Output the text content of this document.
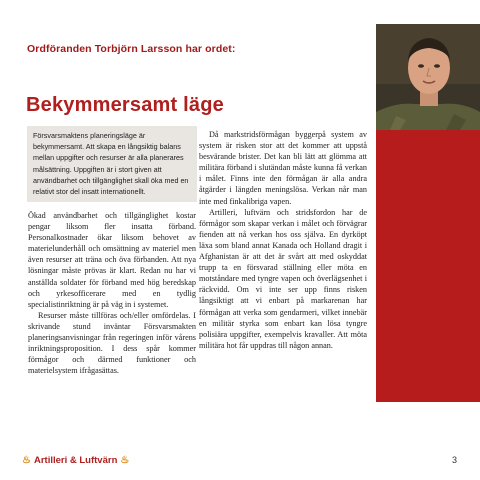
Ordföranden Torbjörn Larsson har ordet:
Bekymmersamt läge
Försvarsmaktens planeringsläge är bekymmersamt. Att skapa en långsiktig balans mellan uppgifter och resurser är alla planerares målsättning. Uppgiften är i stort given att användbarhet och tillgänglighet skall öka med en relativt stor del insatt internationellt.

Ökad användbarhet och tillgänglighet kostar pengar liksom fler insatta förband. Personalkostnader ökar liksom behovet av materielunderhåll och omsättning av materiel men även resurser att träna och öva förbanden. Att nya lösningar måste prövas är klart. Redan nu har vi anställda soldater för förband med hög beredskap och yrkesofficerare med en tydlig specialistinriktning är på väg in i systemet.

Resurser måste tillföras och/eller omfördelas. I skrivande stund inväntar Försvarsmakten planeringsanvisningar från regeringen inför vårens inriktningsproposition. I dess spår kommer förmågor och därmed funktioner och materielsystem ifrågasättas.

Då markstridsförmågan byggerpå system av system är risken stor att det kommer att uppstå besvärande brister. Det kan bli lätt att glömma att militära förband i slutändan måste kunna få verkan i målet. Finns inte den förmågan är alla andra åtgärder i längden meningslösa. Verkan når man inte med finkalibriga vapen.

Artilleri, luftvärn och stridsfordon har de förmågor som skapar verkan i målet och förvägrar fienden att nå verkan hos oss själva. En dyrköpt läxa som bland annat Kanada och Holland dragit i Afghanistan är att det är svårt att med oskyddat trupp ta en försvarad ställning eller möta en motståndare med tyngre vapen och överlägsenhet i räckvidd. Om vi inte ser upp finns risken långsiktigt att vi enbart på markarenan har förmågan att verka som gendarmeri, vilket innebär en militär styrka som enbart kan lösa tyngre polisiära uppgifter, exempelvis kravaller. Att möta militära hot får uppdras till någon annan.

♨ Artilleri & Luftvärn ♨	3
